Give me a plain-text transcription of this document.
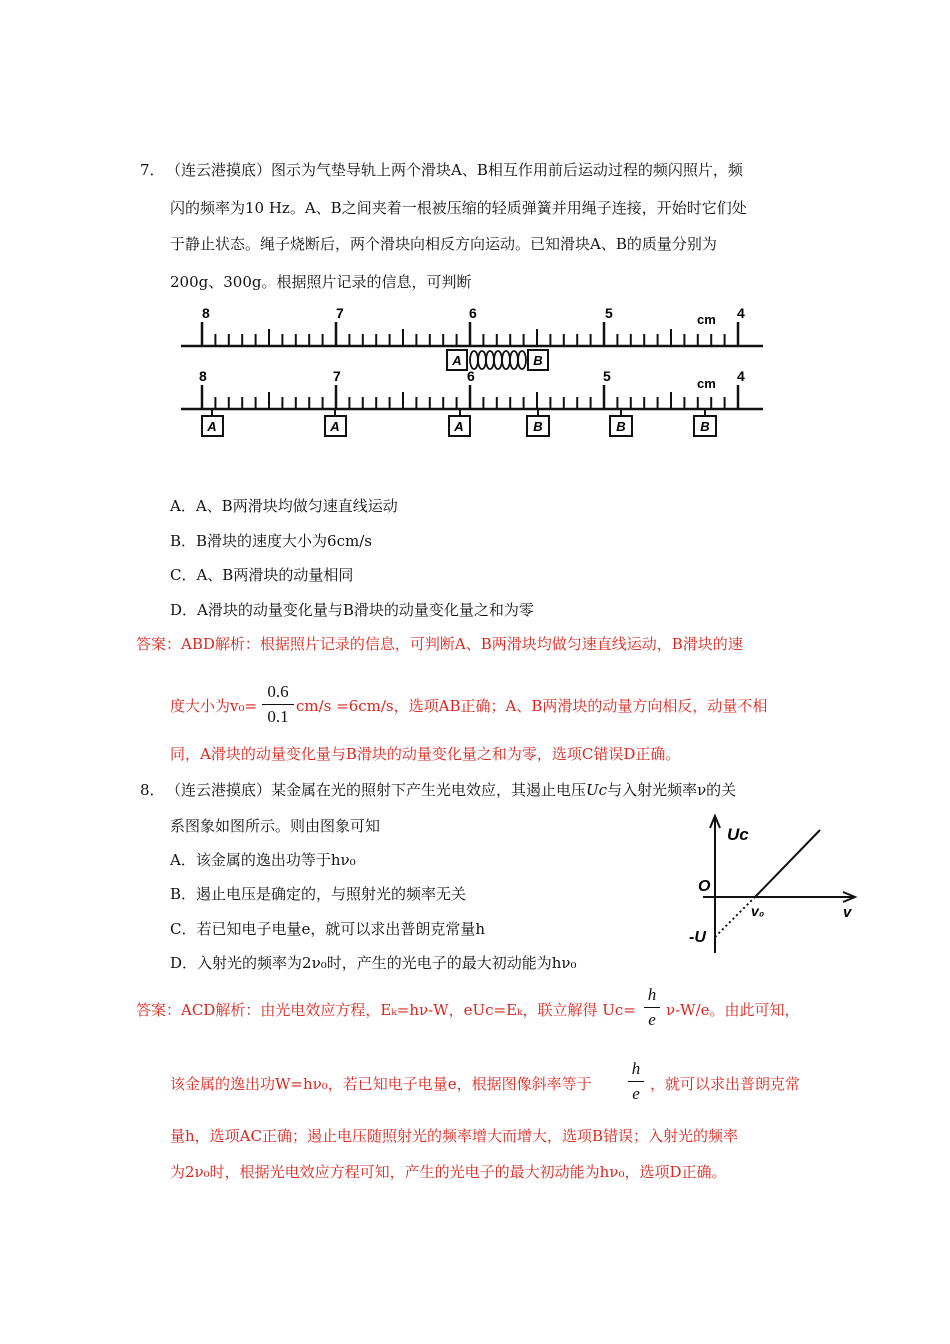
7． （连云港摸底）图示为气垫导轨上两个滑块A、B相互作用前后运动过程的频闪照片，频
闪的频率为10 Hz。A、B之间夹着一根被压缩的轻质弹簧并用绳子连接，开始时它们处
于静止状态。绳子烧断后，两个滑块向相反方向运动。已知滑块A、B的质量分别为
200g、300g。根据照片记录的信息，可判断
A	B
8	7	6	5	cm 4
8	7	6	5	cm 4
A	A	A	B	B	B
A．A、B两滑块均做匀速直线运动
B．B滑块的速度大小为6cm/s
C．A、B两滑块的动量相同
D．A滑块的动量变化量与B滑块的动量变化量之和为零
答案：ABD解析：根据照片记录的信息，可判断A、B两滑块均做匀速直线运动，B滑块的速
度大小为v₀=
0.6
0.1
cm/s =6cm/s，选项AB正确；A、B两滑块的动量方向相反，动量不相
同，A滑块的动量变化量与B滑块的动量变化量之和为零，选项C错误D正确。
8． （连云港摸底）某金属在光的照射下产生光电效应，其遏止电压Uc与入射光频率ν的关
系图象如图所示。则由图象可知
A．该金属的逸出功等于hν₀
B．遏止电压是确定的，与照射光的频率无关
C．若已知电子电量e，就可以求出普朗克常量h
D．入射光的频率为2ν₀时，产生的光电子的最大初动能为hν₀
Uc
O
v₀	v
-U
答案：ACD解析：由光电效应方程，Eₖ=hν-W，eUc=Eₖ，联立解得 Uc=
h
e ν-W/e。由此可知，
该金属的逸出功W=hν₀，若已知电子电量e，根据图像斜率等于
h
e ，就可以求出普朗克常
量h，选项AC正确；遏止电压随照射光的频率增大而增大，选项B错误；入射光的频率
为2ν₀时，根据光电效应方程可知，产生的光电子的最大初动能为hν₀，选项D正确。
